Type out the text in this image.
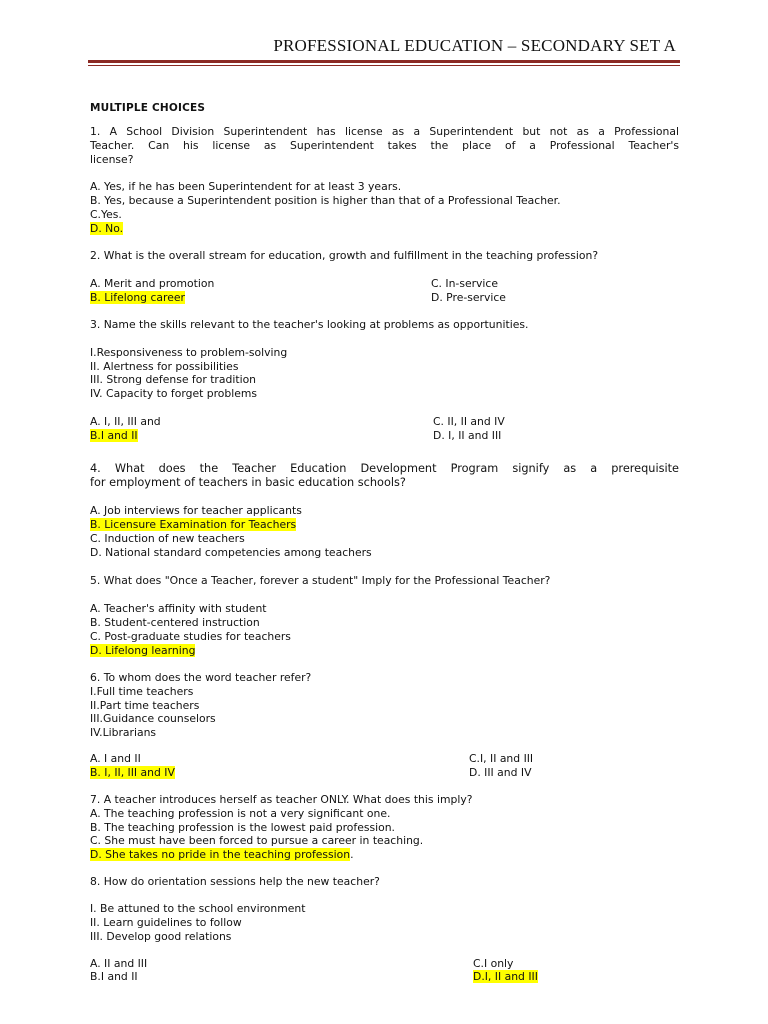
PROFESSIONAL EDUCATION – SECONDARY SET A
MULTIPLE CHOICES
1. A School Division Superintendent has license as a Superintendent but not as a Professional
Teacher. Can his license as Superintendent takes the place of a Professional Teacher's
license?
A. Yes, if he has been Superintendent for at least 3 years.
B. Yes, because a Superintendent position is higher than that of a Professional Teacher.
C.Yes.
D. No.
2. What is the overall stream for education, growth and fulfillment in the teaching profession?
A. Merit and promotion	C. In-service
B. Lifelong career	D. Pre-service
3. Name the skills relevant to the teacher's looking at problems as opportunities.
I.Responsiveness to problem-solving
II. Alertness for possibilities
III. Strong defense for tradition
IV. Capacity to forget problems
A. I, II, III and	C. II, II and IV
B.I and II	D. I, II and III
4. What does the Teacher Education Development Program signify as a prerequisite
for employment of teachers in basic education schools?
A. Job interviews for teacher applicants
B. Licensure Examination for Teachers
C. Induction of new teachers
D. National standard competencies among teachers
5. What does "Once a Teacher, forever a student" Imply for the Professional Teacher?
A. Teacher's affinity with student
B. Student-centered instruction
C. Post-graduate studies for teachers
D. Lifelong learning
6. To whom does the word teacher refer?
I.Full time teachers
II.Part time teachers
III.Guidance counselors
IV.Librarians
A. I and II	C.I, II and III
B. I, II, III and IV	D. III and IV
7. A teacher introduces herself as teacher ONLY. What does this imply?
A. The teaching profession is not a very significant one.
B. The teaching profession is the lowest paid profession.
C. She must have been forced to pursue a career in teaching.
D. She takes no pride in the teaching profession.
8. How do orientation sessions help the new teacher?
I. Be attuned to the school environment
II. Learn guidelines to follow
III. Develop good relations
A. II and III	C.I only
B.I and II	D.I, II and III
